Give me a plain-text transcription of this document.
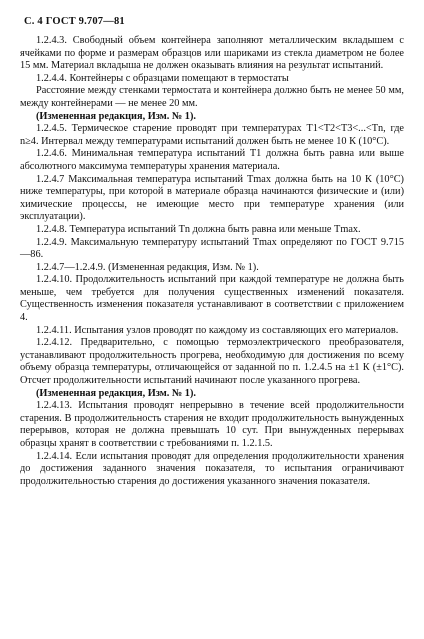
С. 4 ГОСТ 9.707—81

1.2.4.3. Свободный объем контейнера заполняют металлическим вкладышем с ячейками по форме и размерам образцов или шариками из стекла диаметром не более 15 мм. Материал вкладыша не должен оказывать влияния на результат испытаний.

1.2.4.4. Контейнеры с образцами помещают в термостаты

Расстояние между стенками термостата и контейнера должно быть не менее 50 мм, между контейнерами — не менее 20 мм.

(Измененная редакция, Изм. № 1).

1.2.4.5. Термическое старение проводят при температурах T1<T2<T3<...<Tn, где n≥4. Интервал между температурами испытаний должен быть не менее 10 К (10°С).

1.2.4.6. Минимальная температура испытаний T1 должна быть равна или выше абсолютного максимума температуры хранения материала.

1.2.4.7 Максимальная температура испытаний Tmax должна быть на 10 К (10°С) ниже температуры, при которой в материале образца начинаются физические и (или) химические процессы, не имеющие место при температуре хранения (или эксплуатации).

1.2.4.8. Температура испытаний Tn должна быть равна или меньше Tmax.

1.2.4.9. Максимальную температуру испытаний Tmax определяют по ГОСТ 9.715—86.

1.2.4.7—1.2.4.9. (Измененная редакция, Изм. № 1).

1.2.4.10. Продолжительность испытаний при каждой температуре не должна быть меньше, чем требуется для получения существенных изменений показателя. Существенность изменения показателя устанавливают в соответствии с приложением 4.

1.2.4.11. Испытания узлов проводят по каждому из составляющих его материалов.

1.2.4.12. Предварительно, с помощью термоэлектрического преобразователя, устанавливают продолжительность прогрева, необходимую для достижения по всему объему образца температуры, отличающейся от заданной по п. 1.2.4.5 на ±1 К (±1°С). Отсчет продолжительности испытаний начинают после указанного прогрева.

(Измененная редакция, Изм. № 1).

1.2.4.13. Испытания проводят непрерывно в течение всей продолжительности старения. В продолжительность старения не входит продолжительность вынужденных перерывов, которая не должна превышать 10 сут. При вынужденных перерывах образцы хранят в соответствии с требованиями п. 1.2.1.5.

1.2.4.14. Если испытания проводят для определения продолжительности хранения до достижения заданного значения показателя, то испытания ограничивают продолжительностью старения до достижения указанного значения показателя.
